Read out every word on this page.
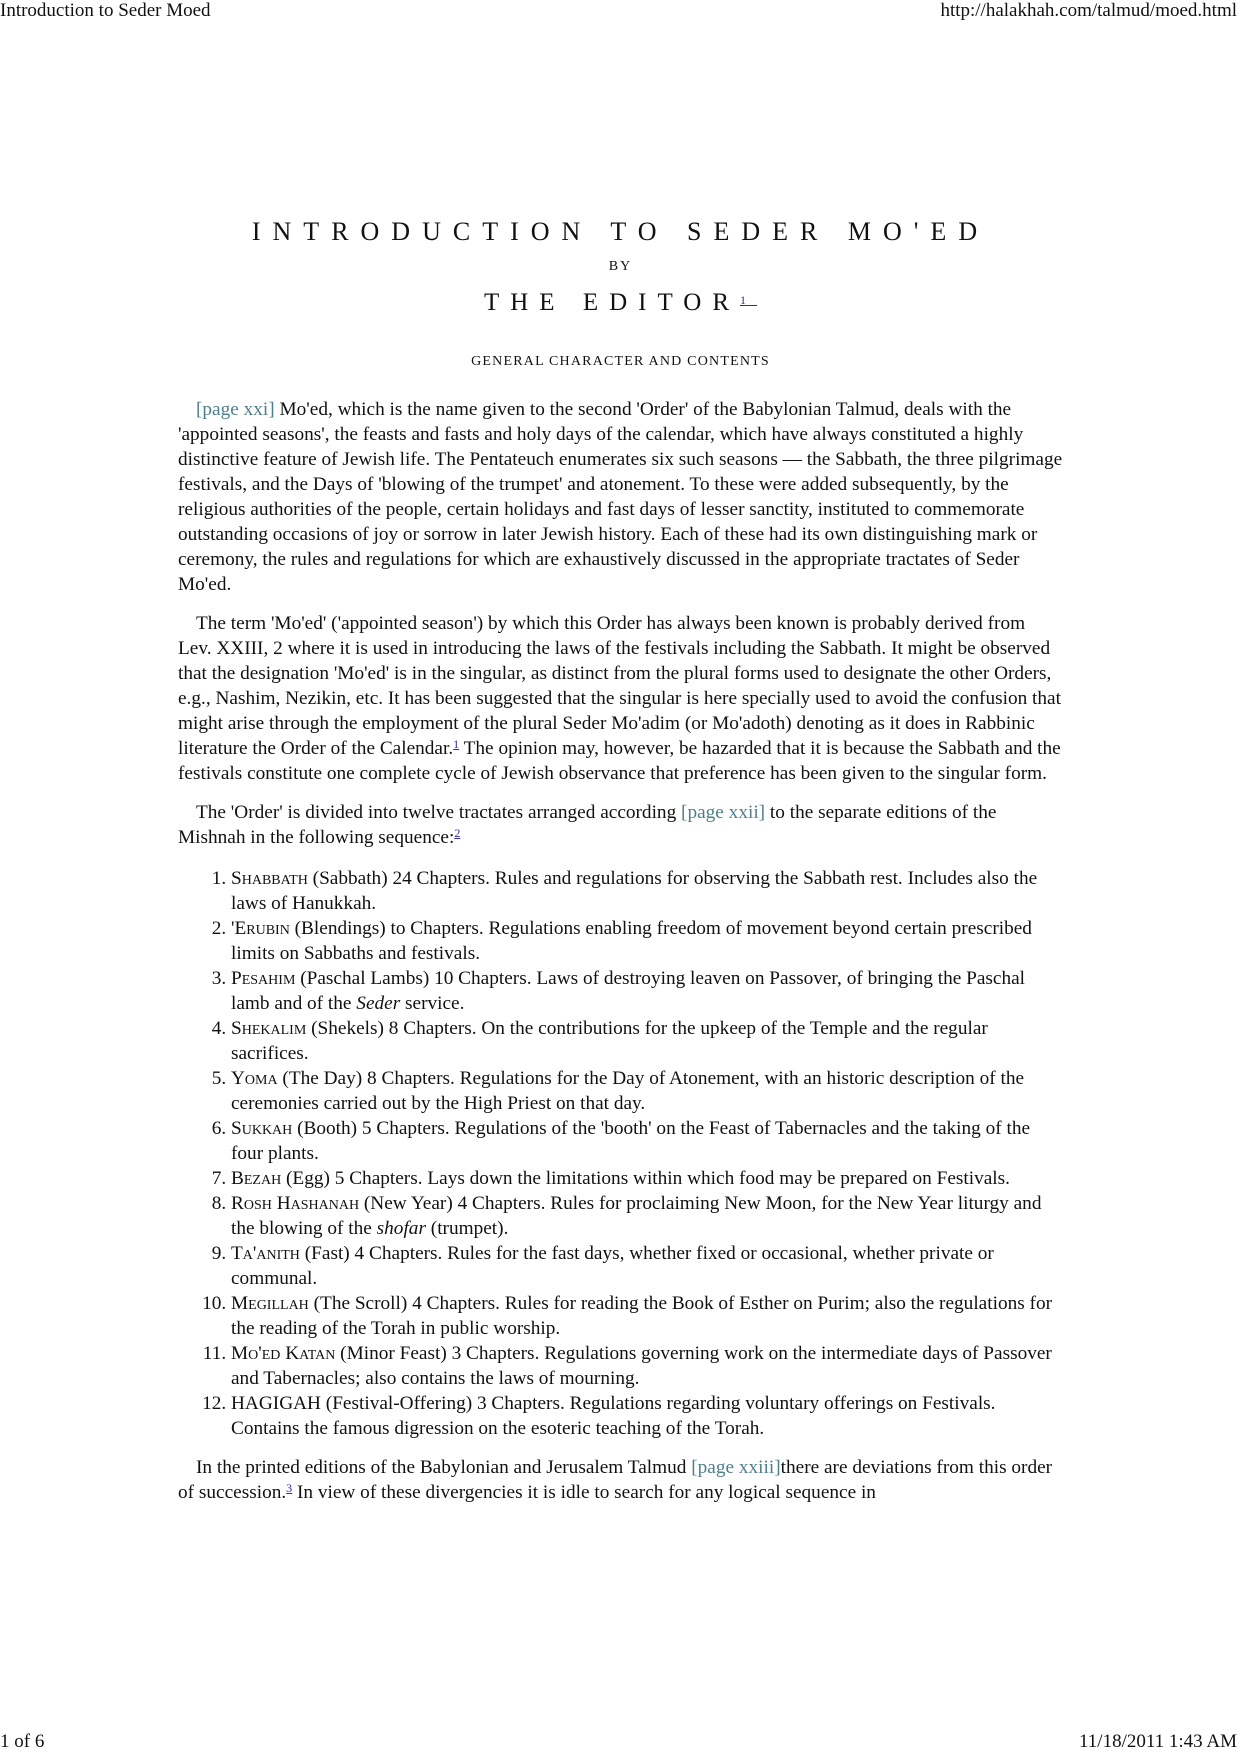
Introduction to Seder Moed	http://halakhah.com/talmud/moed.html
INTRODUCTION TO SEDER MO'ED
BY
THE EDITOR$^1$
GENERAL CHARACTER AND CONTENTS

[page xxi] Mo'ed, which is the name given to the second 'Order' of the Babylonian Talmud, deals with the 'appointed seasons', the feasts and fasts and holy days of the calendar, which have always constituted a highly distinctive feature of Jewish life. The Pentateuch enumerates six such seasons — the Sabbath, the three pilgrimage festivals, and the Days of 'blowing of the trumpet' and atonement. To these were added subsequently, by the religious authorities of the people, certain holidays and fast days of lesser sanctity, instituted to commemorate outstanding occasions of joy or sorrow in later Jewish history. Each of these had its own distinguishing mark or ceremony, the rules and regulations for which are exhaustively discussed in the appropriate tractates of Seder Mo'ed.

The term 'Mo'ed' ('appointed season') by which this Order has always been known is probably derived from Lev. XXIII, 2 where it is used in introducing the laws of the festivals including the Sabbath. It might be observed that the designation 'Mo'ed' is in the singular, as distinct from the plural forms used to designate the other Orders, e.g., Nashim, Nezikin, etc. It has been suggested that the singular is here specially used to avoid the confusion that might arise through the employment of the plural Seder Mo'adim (or Mo'adoth) denoting as it does in Rabbinic literature the Order of the Calendar.$^1$ The opinion may, however, be hazarded that it is because the Sabbath and the festivals constitute one complete cycle of Jewish observance that preference has been given to the singular form.

The 'Order' is divided into twelve tractates arranged according [page xxii] to the separate editions of the Mishnah in the following sequence:$^2$

1. Shabbath (Sabbath) 24 Chapters. Rules and regulations for observing the Sabbath rest. Includes also the laws of Hanukkah.
2. 'Erubin (Blendings) to Chapters. Regulations enabling freedom of movement beyond certain prescribed limits on Sabbaths and festivals.
3. Pesahim (Paschal Lambs) 10 Chapters. Laws of destroying leaven on Passover, of bringing the Paschal lamb and of the Seder service.
4. Shekalim (Shekels) 8 Chapters. On the contributions for the upkeep of the Temple and the regular sacrifices.
5. Yoma (The Day) 8 Chapters. Regulations for the Day of Atonement, with an historic description of the ceremonies carried out by the High Priest on that day.
6. Sukkah (Booth) 5 Chapters. Regulations of the 'booth' on the Feast of Tabernacles and the taking of the four plants.
7. Bezah (Egg) 5 Chapters. Lays down the limitations within which food may be prepared on Festivals.
8. Rosh Hashanah (New Year) 4 Chapters. Rules for proclaiming New Moon, for the New Year liturgy and the blowing of the shofar (trumpet).
9. Ta'anith (Fast) 4 Chapters. Rules for the fast days, whether fixed or occasional, whether private or communal.
10. Megillah (The Scroll) 4 Chapters. Rules for reading the Book of Esther on Purim; also the regulations for the reading of the Torah in public worship.
11. Mo'ed Katan (Minor Feast) 3 Chapters. Regulations governing work on the intermediate days of Passover and Tabernacles; also contains the laws of mourning.
12. HAGIGAH (Festival-Offering) 3 Chapters. Regulations regarding voluntary offerings on Festivals. Contains the famous digression on the esoteric teaching of the Torah.

In the printed editions of the Babylonian and Jerusalem Talmud [page xxiii]there are deviations from this order of succession.$^3$ In view of these divergencies it is idle to search for any logical sequence in

1 of 6	11/18/2011 1:43 AM
